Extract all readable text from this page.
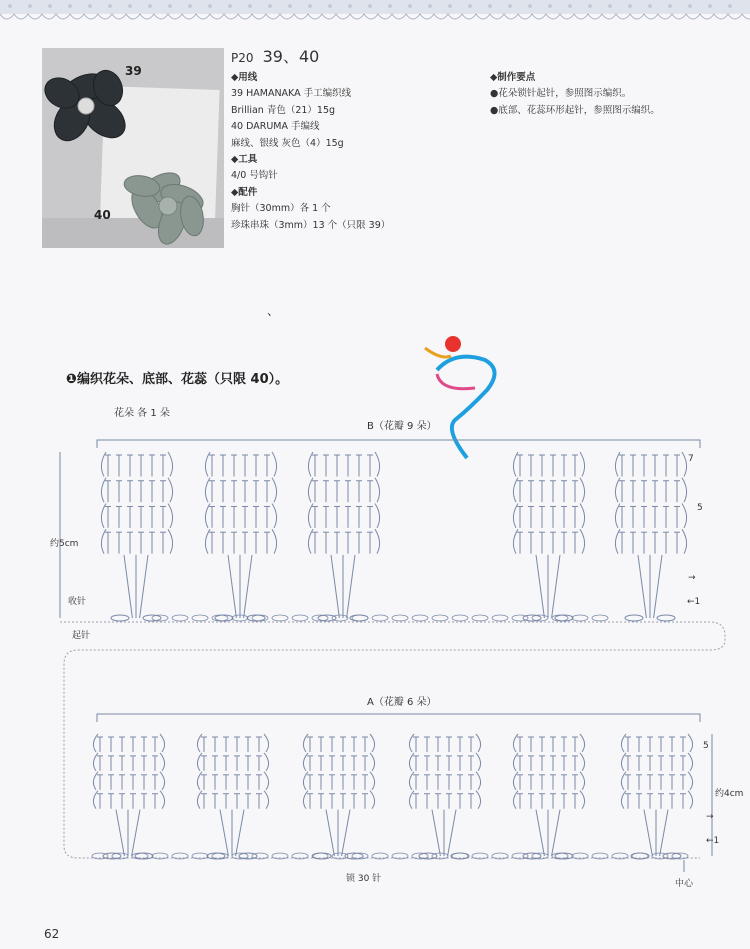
39
40
P20 39、40
◆用线
39 HAMANAKA 手工编织线
Brillian 青色（21）15g
40 DARUMA 手编线
麻线、银线 灰色（4）15g
◆工具
4/0 号钩针
◆配件
胸针（30mm）各 1 个
珍珠串珠（3mm）13 个（只限 39）
◆制作要点
●花朵锁针起针，参照图示编织。
●底部、花蕊环形起针，参照图示编织。
、
❶编织花朵、底部、花蕊（只限 40）。
花朵 各 1 朵
B（花瓣 9 朵）
A（花瓣 6 朵）
约5cm
约4cm
收针
起针
锁 30 针	中心
7
5
5
←1
←1
→
→
62
